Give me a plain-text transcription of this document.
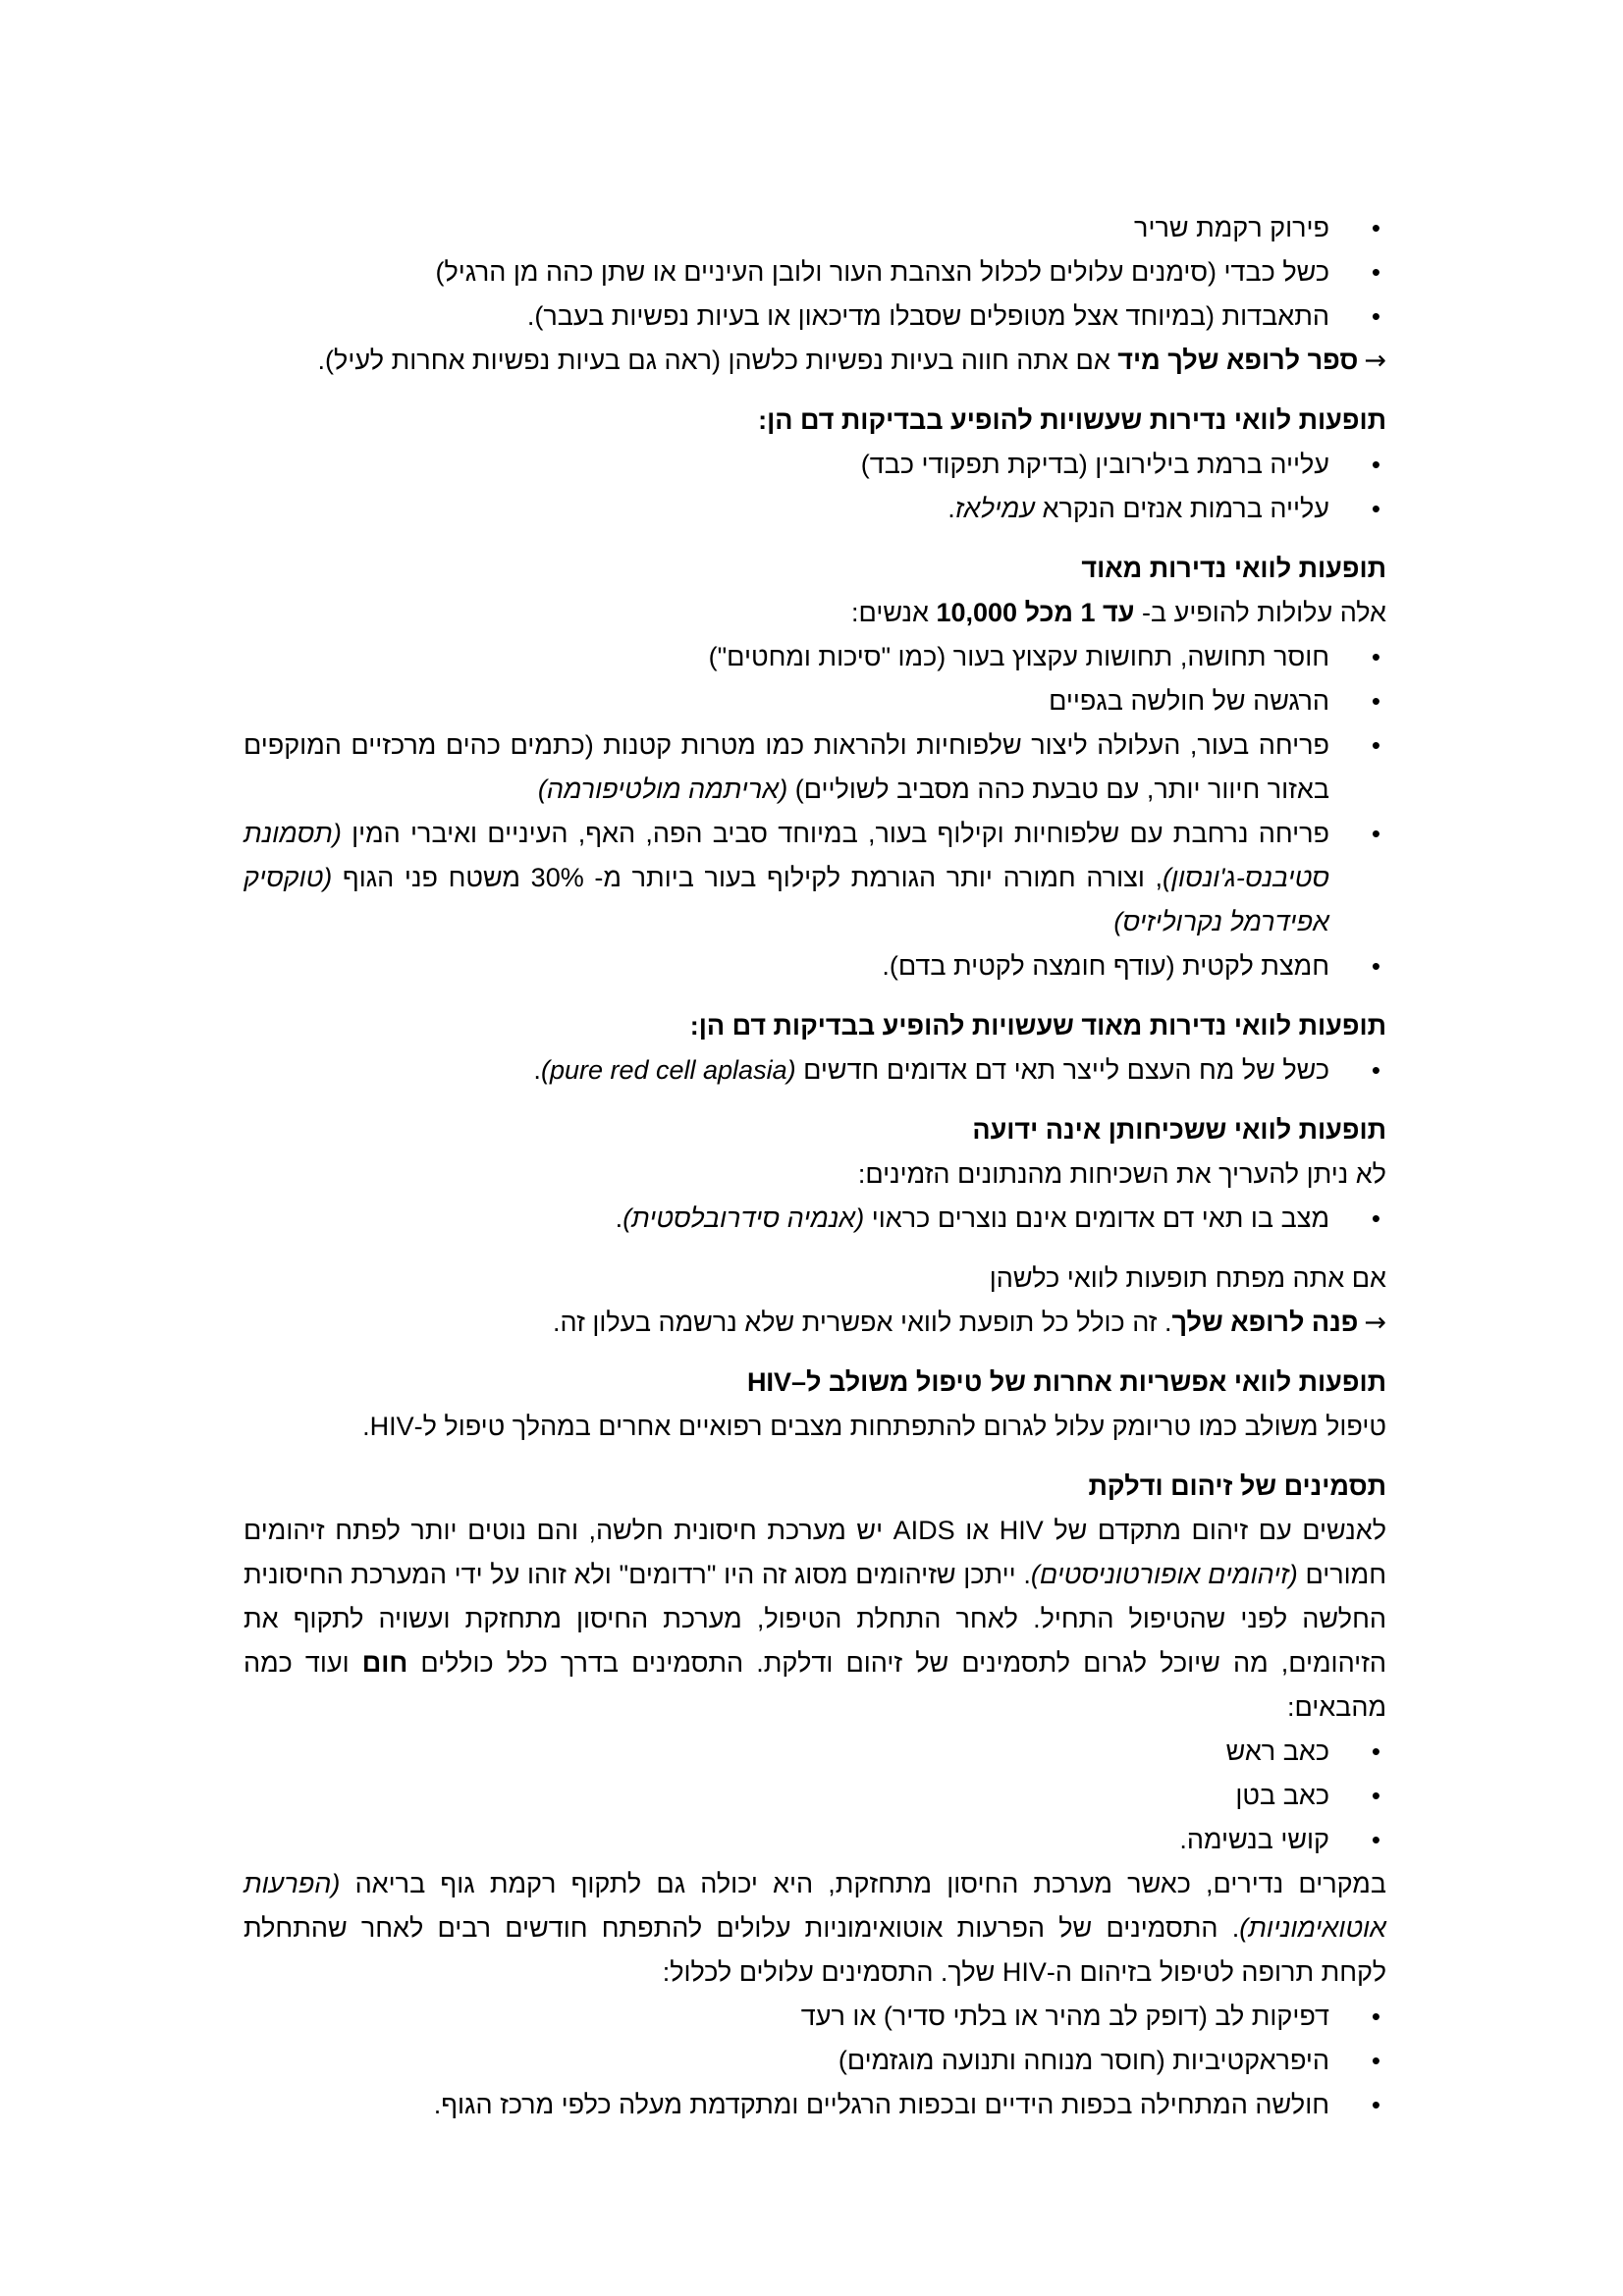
•
פירוק רקמת שריר
•
כשל כבדי (סימנים עלולים לכלול הצהבת העור ולובן העיניים או שתן כהה מן הרגיל)
•
התאבדות (במיוחד אצל מטופלים שסבלו מדיכאון או בעיות נפשיות בעבר).

→ספר לרופא שלך מיד אם אתה חווה בעיות נפשיות כלשהן (ראה גם בעיות נפשיות אחרות לעיל).

תופעות לוואי נדירות שעשויות להופיע בבדיקות דם הן:
•
עלייה ברמת בילירובין (בדיקת תפקודי כבד)
•
עלייה ברמות אנזים הנקרא עמילאז.
תופעות לוואי נדירות מאוד

אלה עלולות להופיע ב- עד 1 מכל 10,000 אנשים:

•
חוסר תחושה, תחושות עקצוץ בעור (כמו "סיכות ומחטים")
•
הרגשה של חולשה בגפיים
•
פריחה בעור, העלולה ליצור שלפוחיות ולהראות כמו מטרות קטנות (כתמים כהים מרכזיים המוקפים באזור חיוור יותר, עם טבעת כהה מסביב לשוליים) (אריתמה מולטיפורמה)
•
פריחה נרחבת עם שלפוחיות וקילוף בעור, במיוחד סביב הפה, האף, העיניים ואיברי המין (תסמונת סטיבנס-ג'ונסון), וצורה חמורה יותר הגורמת לקילוף בעור ביותר מ- 30% משטח פני הגוף (טוקסיק אפידרמל נקרוליזיס)
•
חמצת לקטית (עודף חומצה לקטית בדם).
תופעות לוואי נדירות מאוד שעשויות להופיע בבדיקות דם הן:
•
כשל של מח העצם לייצר תאי דם אדומים חדשים (pure red cell aplasia).
תופעות לוואי ששכיחותן אינה ידועה

לא ניתן להעריך את השכיחות מהנתונים הזמינים:

•
מצב בו תאי דם אדומים אינם נוצרים כראוי (אנמיה סידרובלסטית).

אם אתה מפתח תופעות לוואי כלשהן

→פנה לרופא שלך. זה כולל כל תופעת לוואי אפשרית שלא נרשמה בעלון זה.

תופעות לוואי אפשריות אחרות של טיפול משולב ל–HIV

טיפול משולב כמו טריומק עלול לגרום להתפתחות מצבים רפואיים אחרים במהלך טיפול ל-HIV.

תסמינים של זיהום ודלקת

לאנשים עם זיהום מתקדם של HIV או AIDS יש מערכת חיסונית חלשה, והם נוטים יותר לפתח זיהומים חמורים (זיהומים אופורטוניסטים). ייתכן שזיהומים מסוג זה היו "רדומים" ולא זוהו על ידי המערכת החיסונית החלשה לפני שהטיפול התחיל. לאחר התחלת הטיפול, מערכת החיסון מתחזקת ועשויה לתקוף את הזיהומים, מה שיוכל לגרום לתסמינים של זיהום ודלקת. התסמינים בדרך כלל כוללים חום ועוד כמה מהבאים:

•
כאב ראש
•
כאב בטן
•
קושי בנשימה.

במקרים נדירים, כאשר מערכת החיסון מתחזקת, היא יכולה גם לתקוף רקמת גוף בריאה (הפרעות אוטואימוניות). התסמינים של הפרעות אוטואימוניות עלולים להתפתח חודשים רבים לאחר שהתחלת לקחת תרופה לטיפול בזיהום ה-HIV שלך. התסמינים עלולים לכלול:

•
דפיקות לב (דופק לב מהיר או בלתי סדיר) או רעד
•
היפראקטיביות (חוסר מנוחה ותנועה מוגזמים)
•
חולשה המתחילה בכפות הידיים ובכפות הרגליים ומתקדמת מעלה כלפי מרכז הגוף.
